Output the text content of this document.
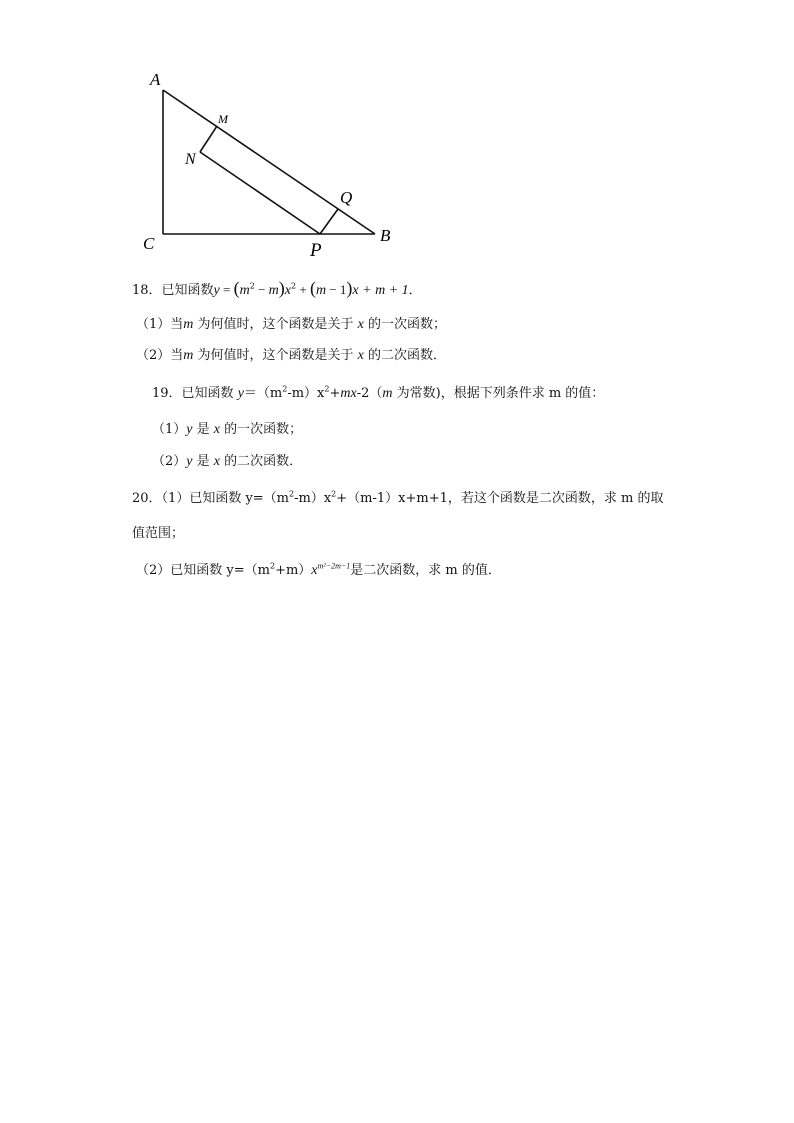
A
M
N
Q
C	P
B
18．已知函数$y = (m^2 - m)x^2 + (m - 1)x + m + 1$．
（1）当m 为何值时，这个函数是关于 x 的一次函数；
（2）当m 为何值时，这个函数是关于 x 的二次函数．
19．已知函数 $y=(m^2-m)x^2+mx-2(m$ 为常数)，根据下列条件求 m 的值：
（1）y 是 x 的一次函数；
（2）y 是 x 的二次函数．
20．（1）已知函数 $y=(m^2-m)x^2+(m-1)x+m+1$，若这个函数是二次函数，求 m 的取
值范围；
（2）已知函数 $y=(m^2+m)x^{m^2-2m-1}$是二次函数，求 m 的值．
